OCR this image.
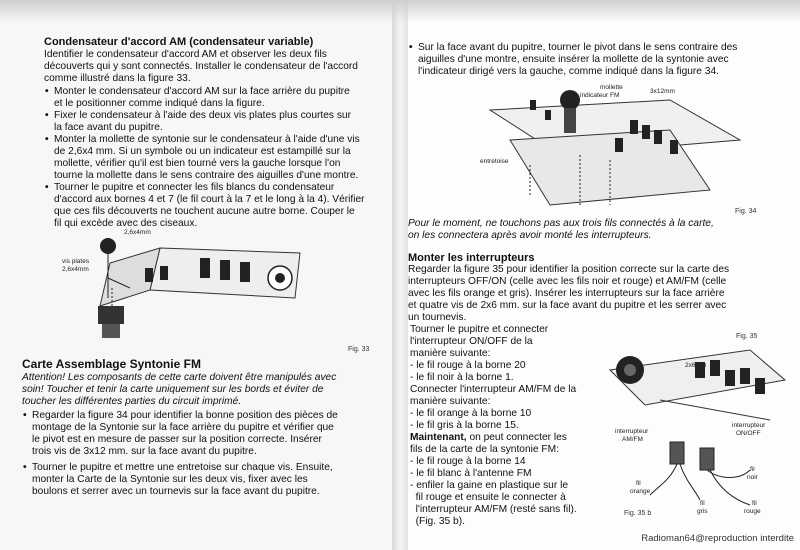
Condensateur d'accord AM (condensateur variable)
Identifier le condensateur d'accord AM et observer les deux fils
découverts qui y sont connectés. Installer le condensateur de l'accord
comme illustré dans la figure 33.
• Monter le condensateur d'accord AM sur la face arrière du pupitre
et le positionner comme indiqué dans la figure.
• Fixer le condensateur à l'aide des deux vis plates plus courtes sur
la face avant du pupitre.
• Monter la mollette de syntonie sur le condensateur à l'aide d'une vis
de 2,6x4 mm. Si un symbole ou un indicateur est estampillé sur la
mollette, vérifier qu'il est bien tourné vers la gauche lorsque l'on
tourne la mollette dans le sens contraire des aiguilles d'une montre.
• Tourner le pupitre et connecter les fils blancs du condensateur
d'accord aux bornes 4 et 7 (le fil court à la 7 et le long à la 4). Vérifier
que ces fils découverts ne touchent aucune autre borne. Couper le
fil qui excède avec des ciseaux.
2,6x4mm
vis plates
2,6x4mm
Fig. 33
Carte Assemblage Syntonie FM
Attention! Les composants de cette carte doivent être manipulés avec
soin! Toucher et tenir la carte uniquement sur les bords et éviter de
toucher les différentes parties du circuit imprimé.
• Regarder la figure 34 pour identifier la bonne position des pièces de
montage de la Syntonie sur la face arrière du pupitre et vérifier que
le pivot est en mesure de passer sur la position correcte. Insérer
trois vis de 3x12 mm. sur la face avant du pupitre.
• Tourner le pupitre et mettre une entretoise sur chaque vis. Ensuite,
monter la Carte de la Syntonie sur les deux vis, fixer avec les
boulons et serrer avec un tournevis sur la face avant du pupitre.
• Sur la face avant du pupitre, tourner le pivot dans le sens contraire des
aiguilles d'une montre, ensuite insérer la mollette de la syntonie avec
l'indicateur dirigé vers la gauche, comme indiqué dans la figure 34.
mollette
indicateur FM
3x12mm
entretoise
Fig. 34
Pour le moment, ne touchons pas aux trois fils connectés à la carte,
on les connectera après avoir monté les interrupteurs.
Monter les interrupteurs
Regarder la figure 35 pour identifier la position correcte sur la carte des
interrupteurs OFF/ON (celle avec les fils noir et rouge) et AM/FM (celle
avec les fils orange et gris). Insérer les interrupteurs sur la face arrière
et quatre vis de 2x6 mm. sur la face avant du pupitre et les serrer avec
un tournevis.
Tourner le pupitre et connecter
l'interrupteur ON/OFF de la
manière suivante:
- le fil rouge à la borne 20
- le fil noir à la borne 1.
Connecter l'interrupteur AM/FM de la
manière suivante:
- le fil orange à la borne 10
- le fil gris à la borne 15.
Maintenant, on peut connecter les
fils de la carte de la syntonie FM:
- le fil rouge à la borne 14
- le fil blanc à l'antenne FM
- enfiler la gaine en plastique sur le
fil rouge et ensuite le connecter à
l'interrupteur AM/FM (resté sans fil).
(Fig. 35 b).
Fig. 35
2x6mm
interrupteur
AM/FM
interrupteur
ON/OFF
fil
orange
fil
gris
fil
noir
fil
rouge
Fig. 35 b
Radioman64@reproduction interdite
